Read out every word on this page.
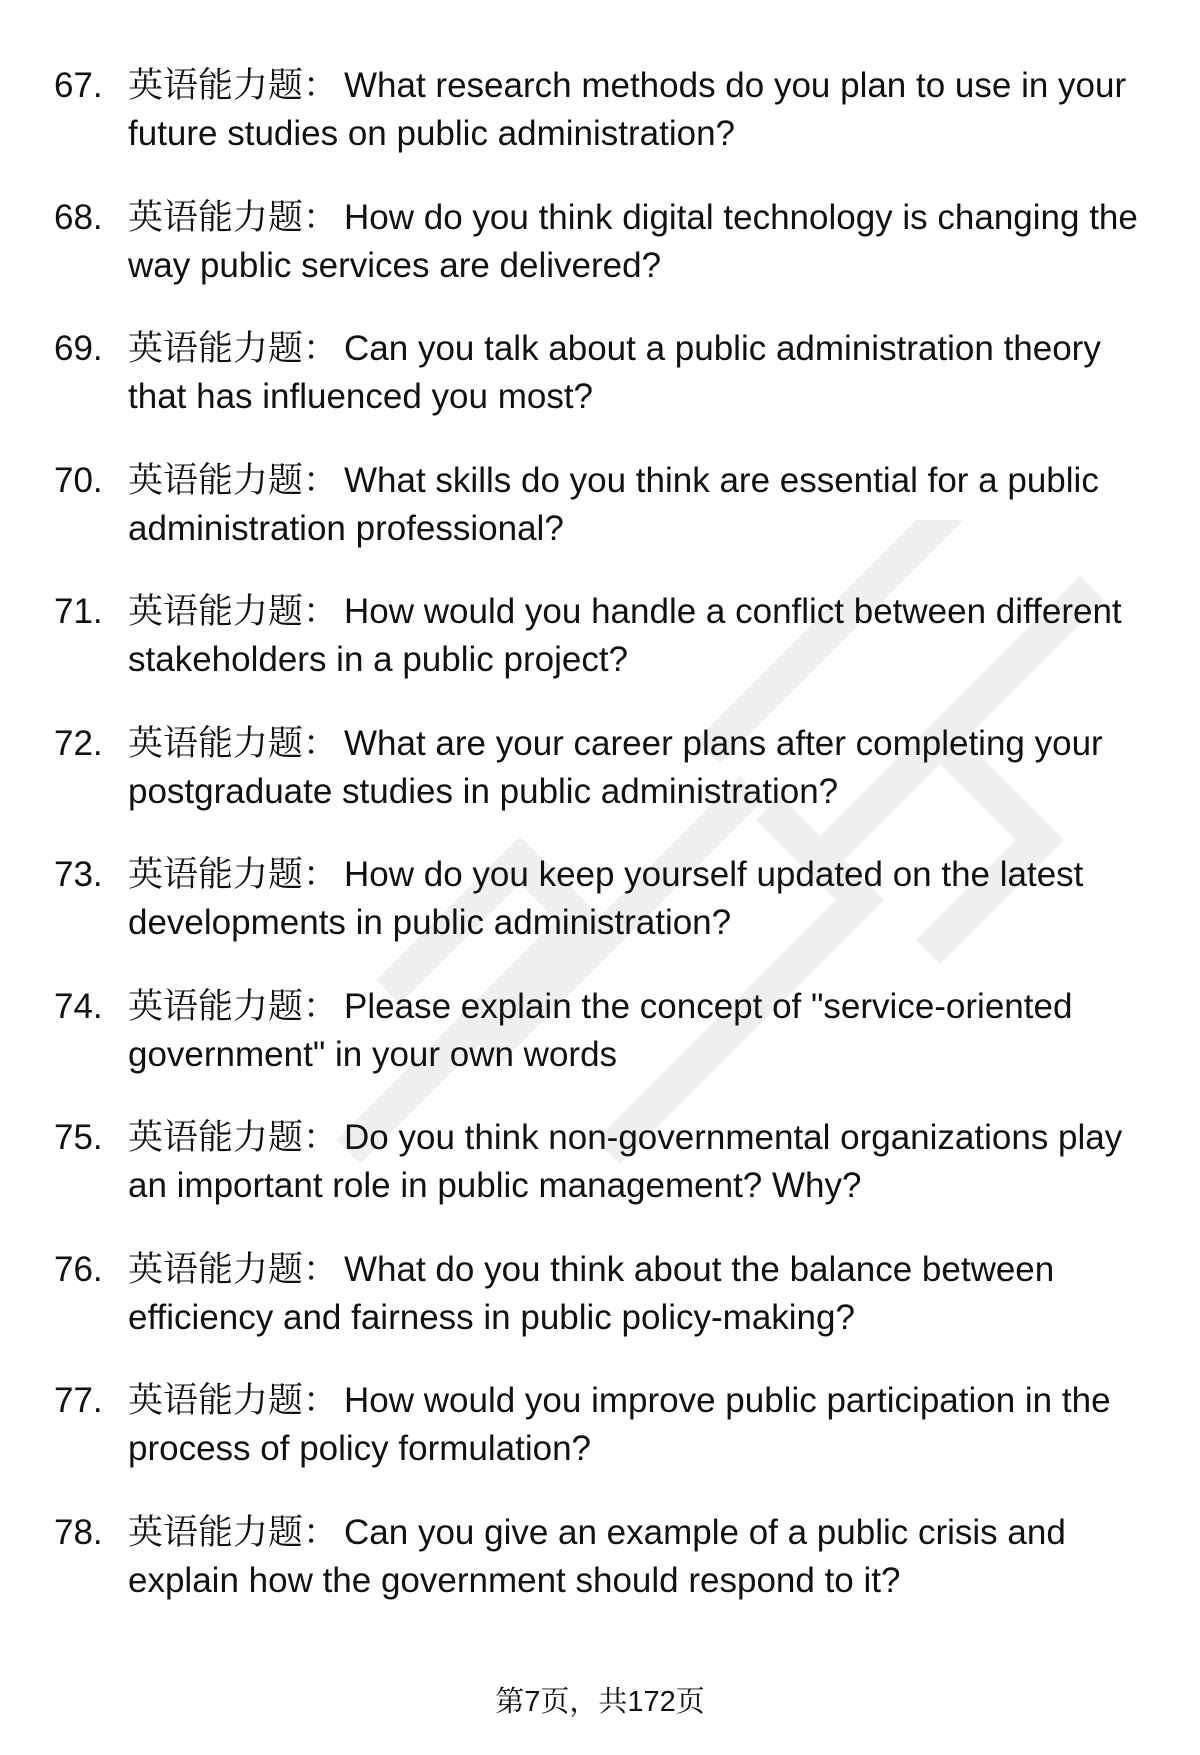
67. 英语能力题： What research methods do you plan to use in your future studies on public administration?
68. 英语能力题： How do you think digital technology is changing the way public services are delivered?
69. 英语能力题： Can you talk about a public administration theory that has influenced you most?
70. 英语能力题： What skills do you think are essential for a public administration professional?
71. 英语能力题： How would you handle a conflict between different stakeholders in a public project?
72. 英语能力题： What are your career plans after completing your postgraduate studies in public administration?
73. 英语能力题： How do you keep yourself updated on the latest developments in public administration?
74. 英语能力题： Please explain the concept of "service-oriented government" in your own words
75. 英语能力题： Do you think non-governmental organizations play an important role in public management? Why?
76. 英语能力题： What do you think about the balance between efficiency and fairness in public policy-making?
77. 英语能力题： How would you improve public participation in the process of policy formulation?
78. 英语能力题： Can you give an example of a public crisis and explain how the government should respond to it?
第7页，共172页
